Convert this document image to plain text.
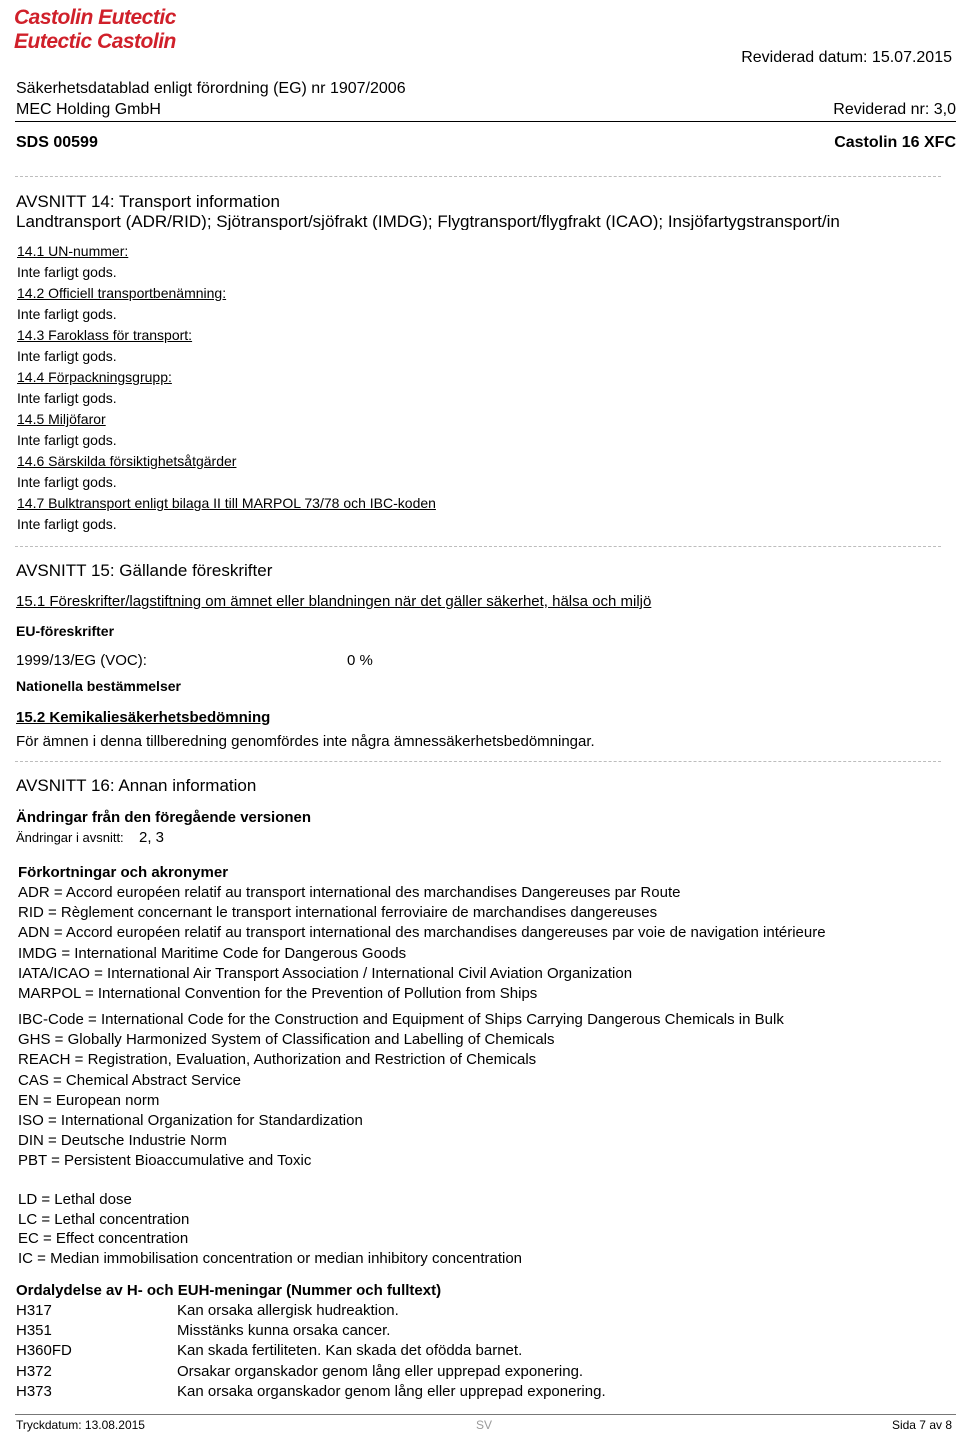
Castolin Eutectic
Eutectic Castolin
Säkerhetsdatablad enligt förordning (EG) nr 1907/2006
MEC Holding GmbH
Reviderad datum: 15.07.2015
Reviderad nr: 3,0
SDS 00599	Castolin 16 XFC
AVSNITT 14: Transport information
Landtransport (ADR/RID); Sjötransport/sjöfrakt (IMDG); Flygtransport/flygfrakt (ICAO); Insjöfartygstransport/in
14.1 UN-nummer:
Inte farligt gods.
14.2 Officiell transportbenämning:
Inte farligt gods.
14.3 Faroklass för transport:
Inte farligt gods.
14.4 Förpackningsgrupp:
Inte farligt gods.
14.5 Miljöfaror
Inte farligt gods.
14.6 Särskilda försiktighetsåtgärder
Inte farligt gods.
14.7 Bulktransport enligt bilaga II till MARPOL 73/78 och IBC-koden
Inte farligt gods.
AVSNITT 15: Gällande föreskrifter
15.1 Föreskrifter/lagstiftning om ämnet eller blandningen när det gäller säkerhet, hälsa och miljö
EU-föreskrifter
1999/13/EG (VOC):	0 %
Nationella bestämmelser
15.2 Kemikaliesäkerhetsbedömning
För ämnen i denna tillberedning genomfördes inte några ämnessäkerhetsbedömningar.
AVSNITT 16: Annan information
Ändringar från den föregående versionen
Ändringar i avsnitt: 2, 3
Förkortningar och akronymer
ADR = Accord européen relatif au transport international des marchandises Dangereuses par Route
RID = Règlement concernant le transport international ferroviaire de marchandises dangereuses
ADN = Accord européen relatif au transport international des marchandises dangereuses par voie de navigation intérieure
IMDG = International Maritime Code for Dangerous Goods
IATA/ICAO = International Air Transport Association / International Civil Aviation Organization
MARPOL = International Convention for the Prevention of Pollution from Ships
IBC-Code = International Code for the Construction and Equipment of Ships Carrying Dangerous Chemicals in Bulk
GHS = Globally Harmonized System of Classification and Labelling of Chemicals
REACH = Registration, Evaluation, Authorization and Restriction of Chemicals
CAS = Chemical Abstract Service
EN = European norm
ISO = International Organization for Standardization
DIN = Deutsche Industrie Norm
PBT = Persistent Bioaccumulative and Toxic
LD = Lethal dose
LC = Lethal concentration
EC = Effect concentration
IC = Median immobilisation concentration or median inhibitory concentration
Ordalydelse av H- och EUH-meningar (Nummer och fulltext)
H317	Kan orsaka allergisk hudreaktion.
H351	Misstänks kunna orsaka cancer.
H360FD	Kan skada fertiliteten. Kan skada det ofödda barnet.
H372	Orsakar organskador genom lång eller upprepad exponering.
H373	Kan orsaka organskador genom lång eller upprepad exponering.
Tryckdatum: 13.08.2015	SV	Sida 7 av 8
